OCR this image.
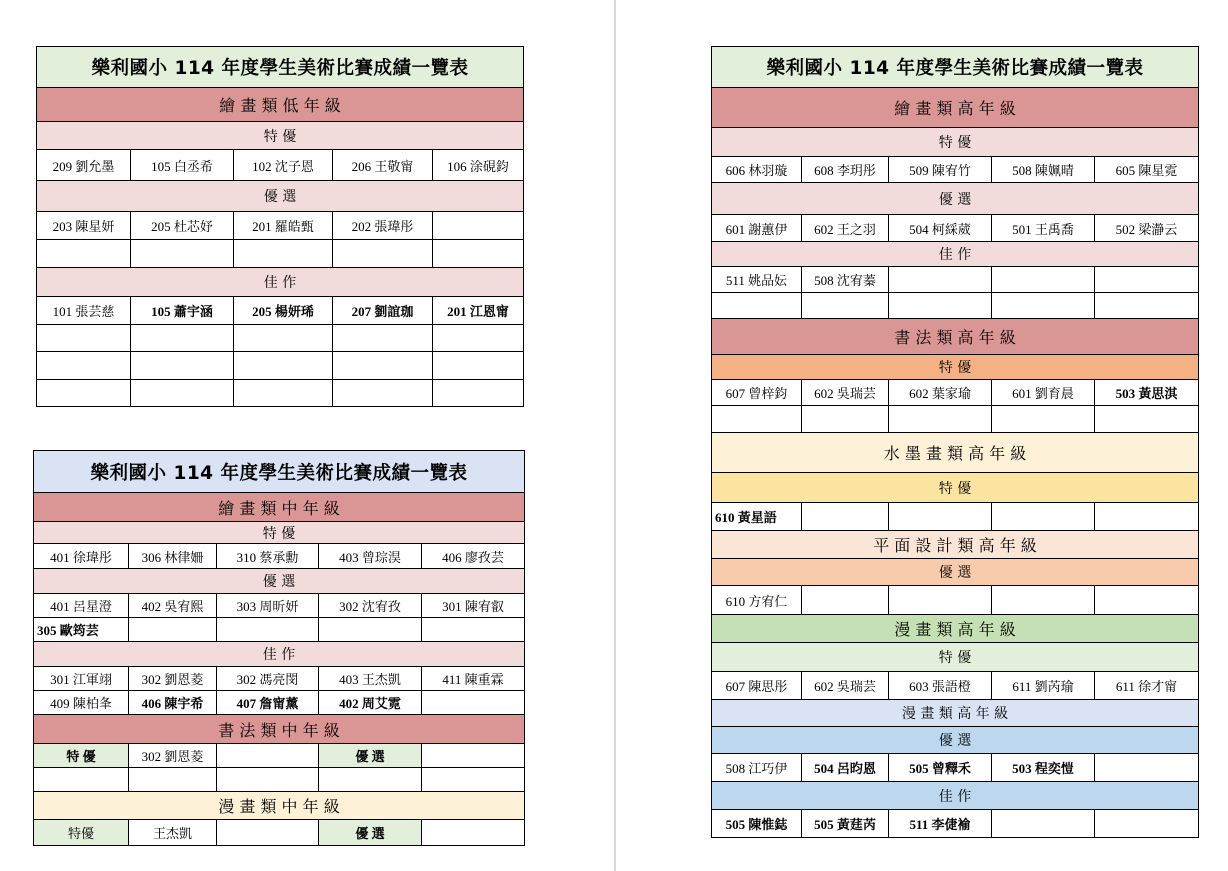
樂利國小 114 年度學生美術比賽成績一覽表				
繪 畫 類 低 年 級				
特 優				
209 劉允墨	105 白丞希	102 沈子恩	206 王敬甯	106 涂硯鈞
優 選				
203 陳星妍	205 杜芯妤	201 羅皓甄	202 張瑋彤	

佳 作				
101 張芸慈	105 蕭宇涵	205 楊妍琋	207 劉誼珈	201 江恩甯

樂利國小 114 年度學生美術比賽成績一覽表				
繪 畫 類 中 年 級				
特 優				
401 徐瑋彤	306 林律姍	310 蔡承勳	403 曾琮淏	406 廖孜芸
優 選				
401 呂星澄	402 吳宥熙	303 周昕妍	302 沈宥孜	301 陳宥叡
305 歐筠芸				
佳 作				
301 江軍翊	302 劉恩菱	302 馮亮閔	403 王杰凱	411 陳重霖
409 陳柏夆	406 陳宇希	407 詹甯薰	402 周艾霓	
書 法 類 中 年 級				
特 優	302 劉恩菱		優 選	

漫 畫 類 中 年 級				
特優	王杰凱		優 選	
樂利國小 114 年度學生美術比賽成績一覽表				
繪 畫 類 高 年 級				
特 優				
606 林羽璇	608 李玥彤	509 陳宥竹	508 陳姵晴	605 陳星霓
優 選				
601 謝蕙伊	602 王之羽	504 柯綵葳	501 王禹喬	502 梁瀞云
佳 作				
511 姚品妘	508 沈宥蓁			

書 法 類 高 年 級				
特 優				
607 曾梓鈞	602 吳瑞芸	602 葉家瑜	601 劉育晨	503 黃思淇

水 墨 畫 類 高 年 級				
特 優				
610 黃星語				
平 面 設 計 類 高 年 級				
優 選				
610 方宥仁				
漫 畫 類 高 年 級				
特 優				
607 陳思彤	602 吳瑞芸	603 張語橙	611 劉芮瑜	611 徐才甯
漫 畫 類 高 年 級				
優 選				
508 江巧伊	504 呂昀恩	505 曾釋禾	503 程奕愷	
佳 作				
505 陳惟鋕	505 黃莛芮	511 李倢褕		
